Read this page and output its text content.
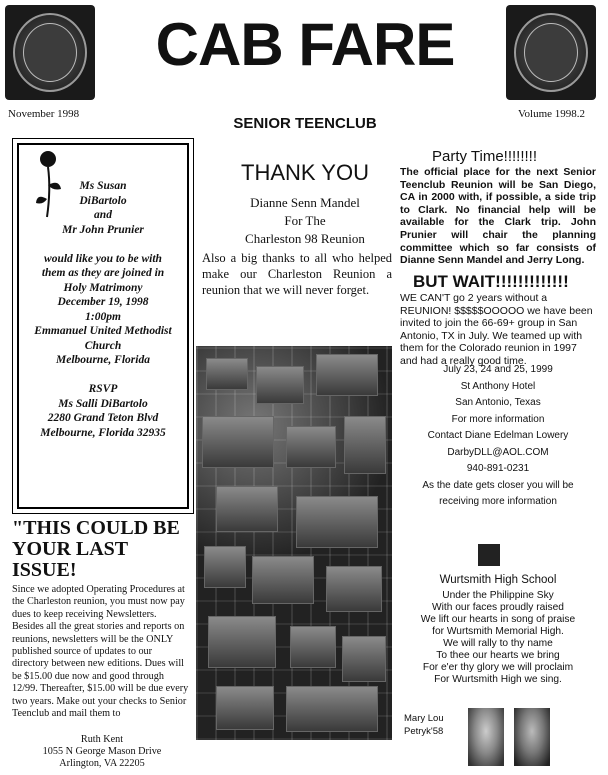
CAB FARE
November 1998
SENIOR TEENCLUB
Volume 1998.2
Ms Susan
DiBartolo
and
Mr John Prunier

would like you to be with
them as they are joined in
Holy Matrimony
December 19, 1998
1:00pm
Emmanuel United Methodist
Church
Melbourne, Florida

RSVP
Ms Salli DiBartolo
2280 Grand Teton Blvd
Melbourne, Florida 32935
THANK YOU
Dianne Senn Mandel
For The
Charleston 98 Reunion
Also a big thanks to all who helped make our Charleston Reunion a reunion that we will never forget.
Party Time!!!!!!!!
The official place for the next Senior Teenclub Reunion will be San Diego, CA in 2000 with, if possible, a side trip to Clark. No financial help will be available for the Clark trip. John Prunier will chair the planning committee which so far consists of Dianne Senn Mandel and Jerry Long.
BUT WAIT!!!!!!!!!!!!!
WE CAN'T go 2 years without a REUNION! $$$$$OOOOO we have been invited to join the 66-69+ group in San Antonio, TX in July. We teamed up with them for the Colorado reunion in 1997 and had a really good time.
July 23, 24 and 25, 1999
St Anthony Hotel
San Antonio, Texas
For more information
Contact Diane Edelman Lowery
DarbyDLL@AOL.COM
940-891-0231
As the date gets closer you will be
receiving more information
"THIS COULD BE YOUR LAST ISSUE!
Since we adopted Operating Procedures at the Charleston reunion, you must now pay dues to keep receiving Newsletters. Besides all the great stories and reports on reunions, newsletters will be the ONLY published source of updates to our directory between new editions. Dues will be $15.00 due now and good through 12/99. Thereafter, $15.00 will be due every two years. Make out your checks to Senior Teenclub and mail them to
Ruth Kent
1055 N George Mason Drive
Arlington, VA 22205
Wurtsmith High School
Under the Philippine Sky
With our faces proudly raised
We lift our hearts in song of praise
for Wurtsmith Memorial High.
We will rally to thy name
To thee our hearts we bring
For e'er thy glory we will proclaim
For Wurtsmith High we sing.
Mary Lou
Petryk'58
